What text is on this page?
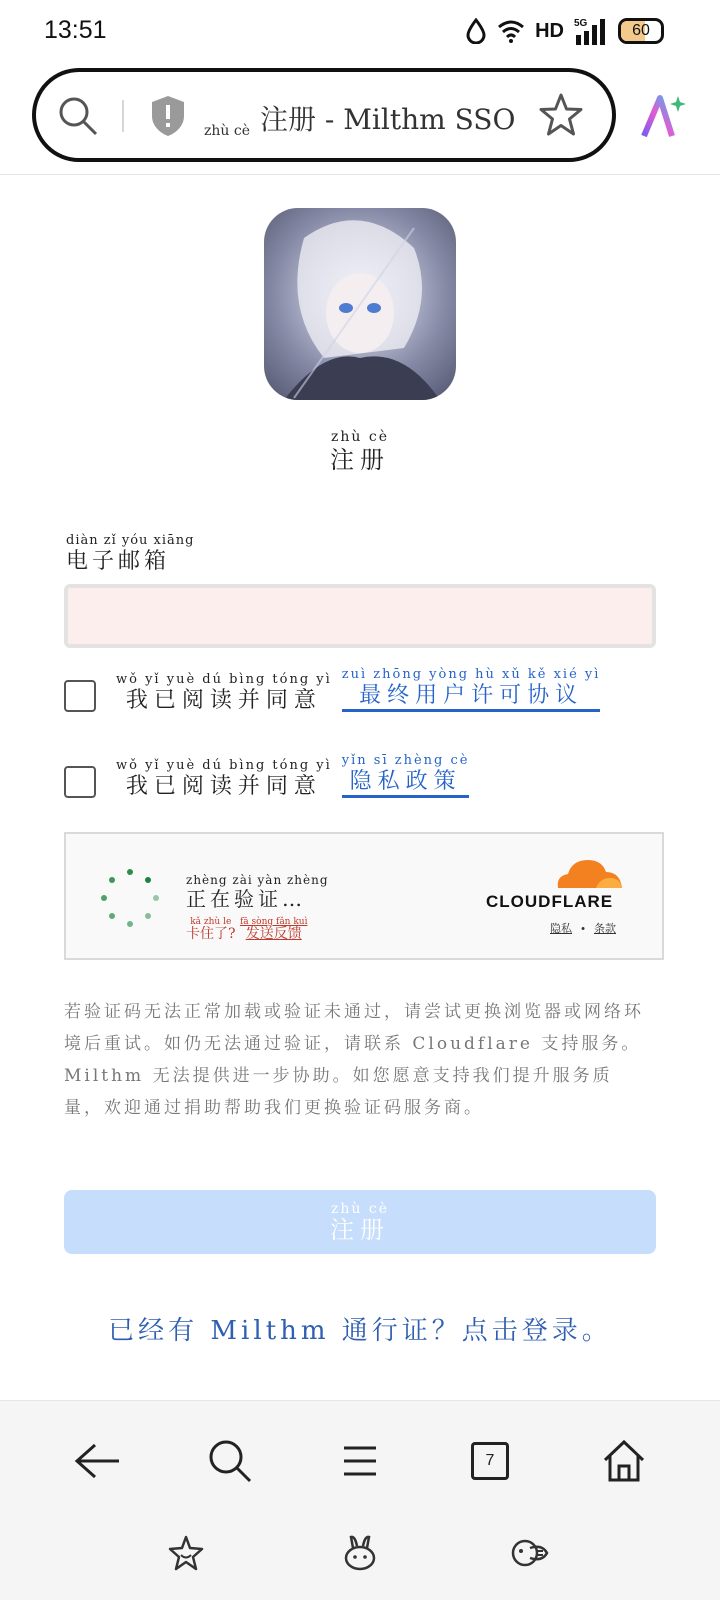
13:51	HD 5G	60
zhù cè 注册 - Milthm SSO
zhù cè
注册
diàn zǐ yóu xiāng
电子邮箱
wǒ yǐ yuè dú bìng tóng yì
我已阅读并同意
zuì zhōng yòng hù xǔ kě xié yì
最终用户许可协议
wǒ yǐ yuè dú bìng tóng yì
我已阅读并同意
yǐn sī zhèng cè
隐私政策
zhèng zài yàn zhèng
正在验证…
kǎ zhù le
卡住了?

fā sòng fǎn kuì
发送反馈
CLOUDFLARE
隐私 • 条款
若验证码无法正常加载或验证未通过，请尝试更换浏览器或网络环境后重试。如仍无法通过验证，请联系 Cloudflare 支持服务。Milthm 无法提供进一步协助。如您愿意支持我们提升服务质量，欢迎通过捐助帮助我们更换验证码服务商。
zhù cè
注册
已经有 Milthm 通行证？点击登录。
7
